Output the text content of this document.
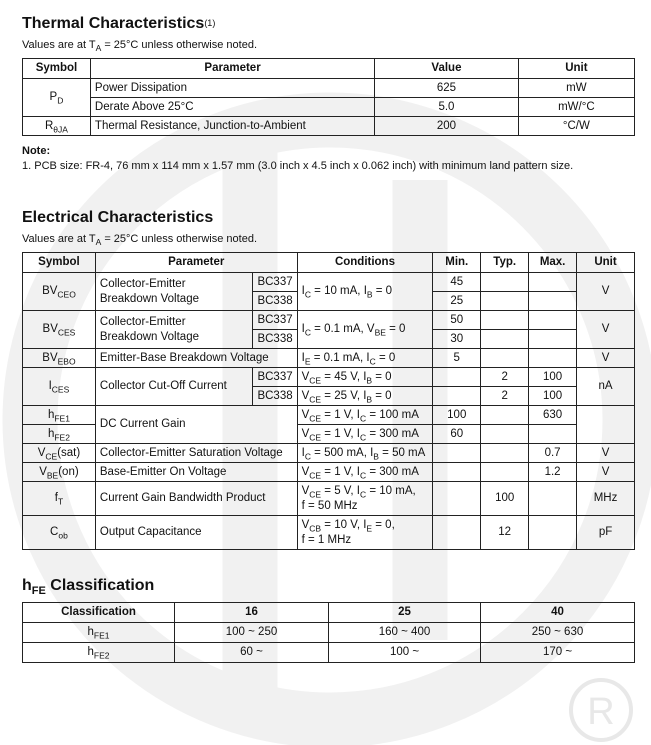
R
Thermal Characteristics$^{(1)}$
Values are at $T_A = 25^\circ C$ unless otherwise noted.
Symbol	Parameter	Value	Unit
$P_D$	Power Dissipation	625	mW
	Derate Above 25°C	5.0	mW/°C
$R_{\theta JA}$	Thermal Resistance, Junction-to-Ambient	200	°C/W
Note:
1. PCB size: FR-4, 76 mm x 114 mm x 1.57 mm (3.0 inch x 4.5 inch x 0.062 inch) with minimum land pattern size.
Electrical Characteristics
Values are at $T_A = 25^\circ C$ unless otherwise noted.
Symbol	Parameter		Conditions	Min.	Typ.	Max.	Unit
$BV_{CEO}$	Collector-Emitter
Breakdown Voltage	BC337	$I_C = 10$ mA, $I_B = 0$	45			V
		BC338		25			
$BV_{CES}$	Collector-Emitter
Breakdown Voltage	BC337	$I_C = 0.1$ mA, $V_{BE} = 0$	50			V
		BC338		30			
$BV_{EBO}$	Emitter-Base Breakdown Voltage		$I_E = 0.1$ mA, $I_C = 0$	5			V
$I_{CES}$	Collector Cut-Off Current	BC337	$V_{CE} = 45$ V, $I_B = 0$		2	100	nA
		BC338	$V_{CE} = 25$ V, $I_B = 0$		2	100	
$h_{FE1}$	DC Current Gain		$V_{CE} = 1$ V, $I_C = 100$ mA	100		630	
$h_{FE2}$			$V_{CE} = 1$ V, $I_C = 300$ mA	60			
$V_{CE}(sat)$	Collector-Emitter Saturation Voltage		$I_C = 500$ mA, $I_B = 50$ mA			0.7	V
$V_{BE}(on)$	Base-Emitter On Voltage		$V_{CE} = 1$ V, $I_C = 300$ mA			1.2	V
$f_T$	Current Gain Bandwidth Product		$V_{CE} = 5$ V, $I_C = 10$ mA,
f = 50 MHz		100		MHz
$C_{ob}$	Output Capacitance		$V_{CB} = 10$ V, $I_E = 0$,
f = 1 MHz		12		pF
$h_{FE}$ Classification
Classification	16	25	40
$h_{FE1}$	100 ~ 250	160 ~ 400	250 ~ 630
$h_{FE2}$	60 ~	100 ~	170 ~
